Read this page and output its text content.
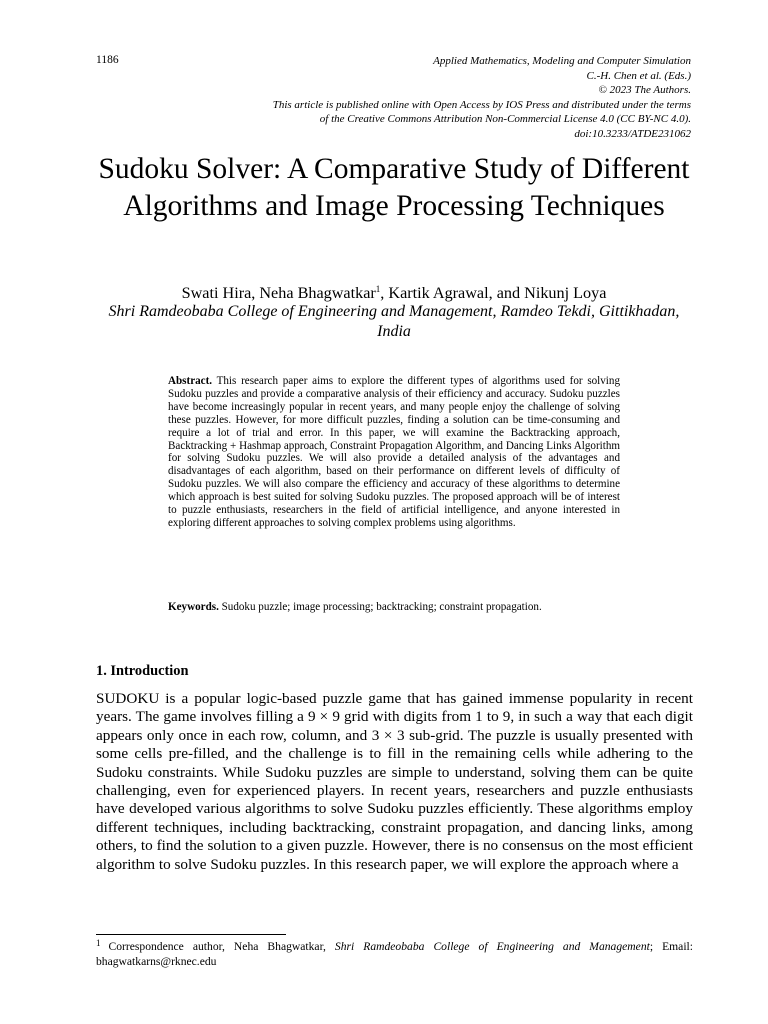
1186	Applied Mathematics, Modeling and Computer Simulation
C.-H. Chen et al. (Eds.)
© 2023 The Authors.
This article is published online with Open Access by IOS Press and distributed under the terms
of the Creative Commons Attribution Non-Commercial License 4.0 (CC BY-NC 4.0).
doi:10.3233/ATDE231062
Sudoku Solver: A Comparative Study of Different Algorithms and Image Processing Techniques
Swati Hira, Neha Bhagwatkar$^1$, Kartik Agrawal, and Nikunj Loya
Shri Ramdeobaba College of Engineering and Management, Ramdeo Tekdi, Gittikhadan, India

Abstract. This research paper aims to explore the different types of algorithms used for solving Sudoku puzzles and provide a comparative analysis of their efficiency and accuracy. Sudoku puzzles have become increasingly popular in recent years, and many people enjoy the challenge of solving these puzzles. However, for more difficult puzzles, finding a solution can be time-consuming and require a lot of trial and error. In this paper, we will examine the Backtracking approach, Backtracking + Hashmap approach, Constraint Propagation Algorithm, and Dancing Links Algorithm for solving Sudoku puzzles. We will also provide a detailed analysis of the advantages and disadvantages of each algorithm, based on their performance on different levels of difficulty of Sudoku puzzles. We will also compare the efficiency and accuracy of these algorithms to determine which approach is best suited for solving Sudoku puzzles. The proposed approach will be of interest to puzzle enthusiasts, researchers in the field of artificial intelligence, and anyone interested in exploring different approaches to solving complex problems using algorithms.

Keywords. Sudoku puzzle; image processing; backtracking; constraint propagation.

1. Introduction

SUDOKU is a popular logic-based puzzle game that has gained immense popularity in recent years. The game involves filling a 9 × 9 grid with digits from 1 to 9, in such a way that each digit appears only once in each row, column, and 3 × 3 sub-grid. The puzzle is usually presented with some cells pre-filled, and the challenge is to fill in the remaining cells while adhering to the Sudoku constraints. While Sudoku puzzles are simple to understand, solving them can be quite challenging, even for experienced players. In recent years, researchers and puzzle enthusiasts have developed various algorithms to solve Sudoku puzzles efficiently. These algorithms employ different techniques, including backtracking, constraint propagation, and dancing links, among others, to find the solution to a given puzzle. However, there is no consensus on the most efficient algorithm to solve Sudoku puzzles. In this research paper, we will explore the approach where a

$^1$ Correspondence author, Neha Bhagwatkar, Shri Ramdeobaba College of Engineering and Management; Email: bhagwatkarns@rknec.edu
